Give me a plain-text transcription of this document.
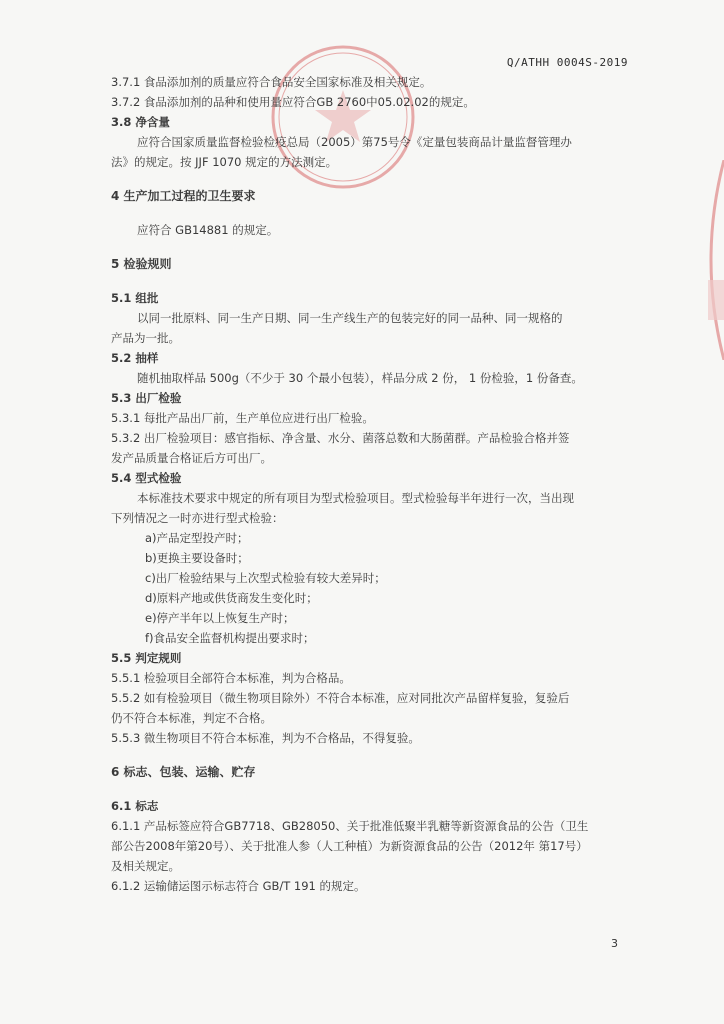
Q/ATHH 0004S-2019
3.7.1 食品添加剂的质量应符合食品安全国家标准及相关规定。
3.7.2 食品添加剂的品种和使用量应符合GB 2760中05.02.02的规定。
3.8 净含量
应符合国家质量监督检验检疫总局（2005）第75号令《定量包装商品计量监督管理办
法》的规定。按 JJF 1070 规定的方法测定。
4 生产加工过程的卫生要求
应符合 GB14881 的规定。
5 检验规则
5.1 组批
以同一批原料、同一生产日期、同一生产线生产的包装完好的同一品种、同一规格的
产品为一批。
5.2 抽样
随机抽取样品 500g（不少于 30 个最小包装），样品分成 2 份， 1 份检验，1 份备查。
5.3 出厂检验
5.3.1 每批产品出厂前，生产单位应进行出厂检验。
5.3.2 出厂检验项目：感官指标、净含量、水分、菌落总数和大肠菌群。产品检验合格并签
发产品质量合格证后方可出厂。
5.4 型式检验
本标准技术要求中规定的所有项目为型式检验项目。型式检验每半年进行一次，当出现
下列情况之一时亦进行型式检验：
a)产品定型投产时；
b)更换主要设备时；
c)出厂检验结果与上次型式检验有较大差异时；
d)原料产地或供货商发生变化时；
e)停产半年以上恢复生产时；
f)食品安全监督机构提出要求时；
5.5 判定规则
5.5.1 检验项目全部符合本标准，判为合格品。
5.5.2 如有检验项目（微生物项目除外）不符合本标准，应对同批次产品留样复验，复验后
仍不符合本标准，判定不合格。
5.5.3 微生物项目不符合本标准，判为不合格品，不得复验。
6 标志、包装、运输、贮存
6.1 标志
6.1.1 产品标签应符合GB7718、GB28050、关于批准低聚半乳糖等新资源食品的公告（卫生
部公告2008年第20号）、关于批准人参（人工种植）为新资源食品的公告（2012年 第17号）
及相关规定。
6.1.2 运输储运图示标志符合 GB/T 191 的规定。
3
